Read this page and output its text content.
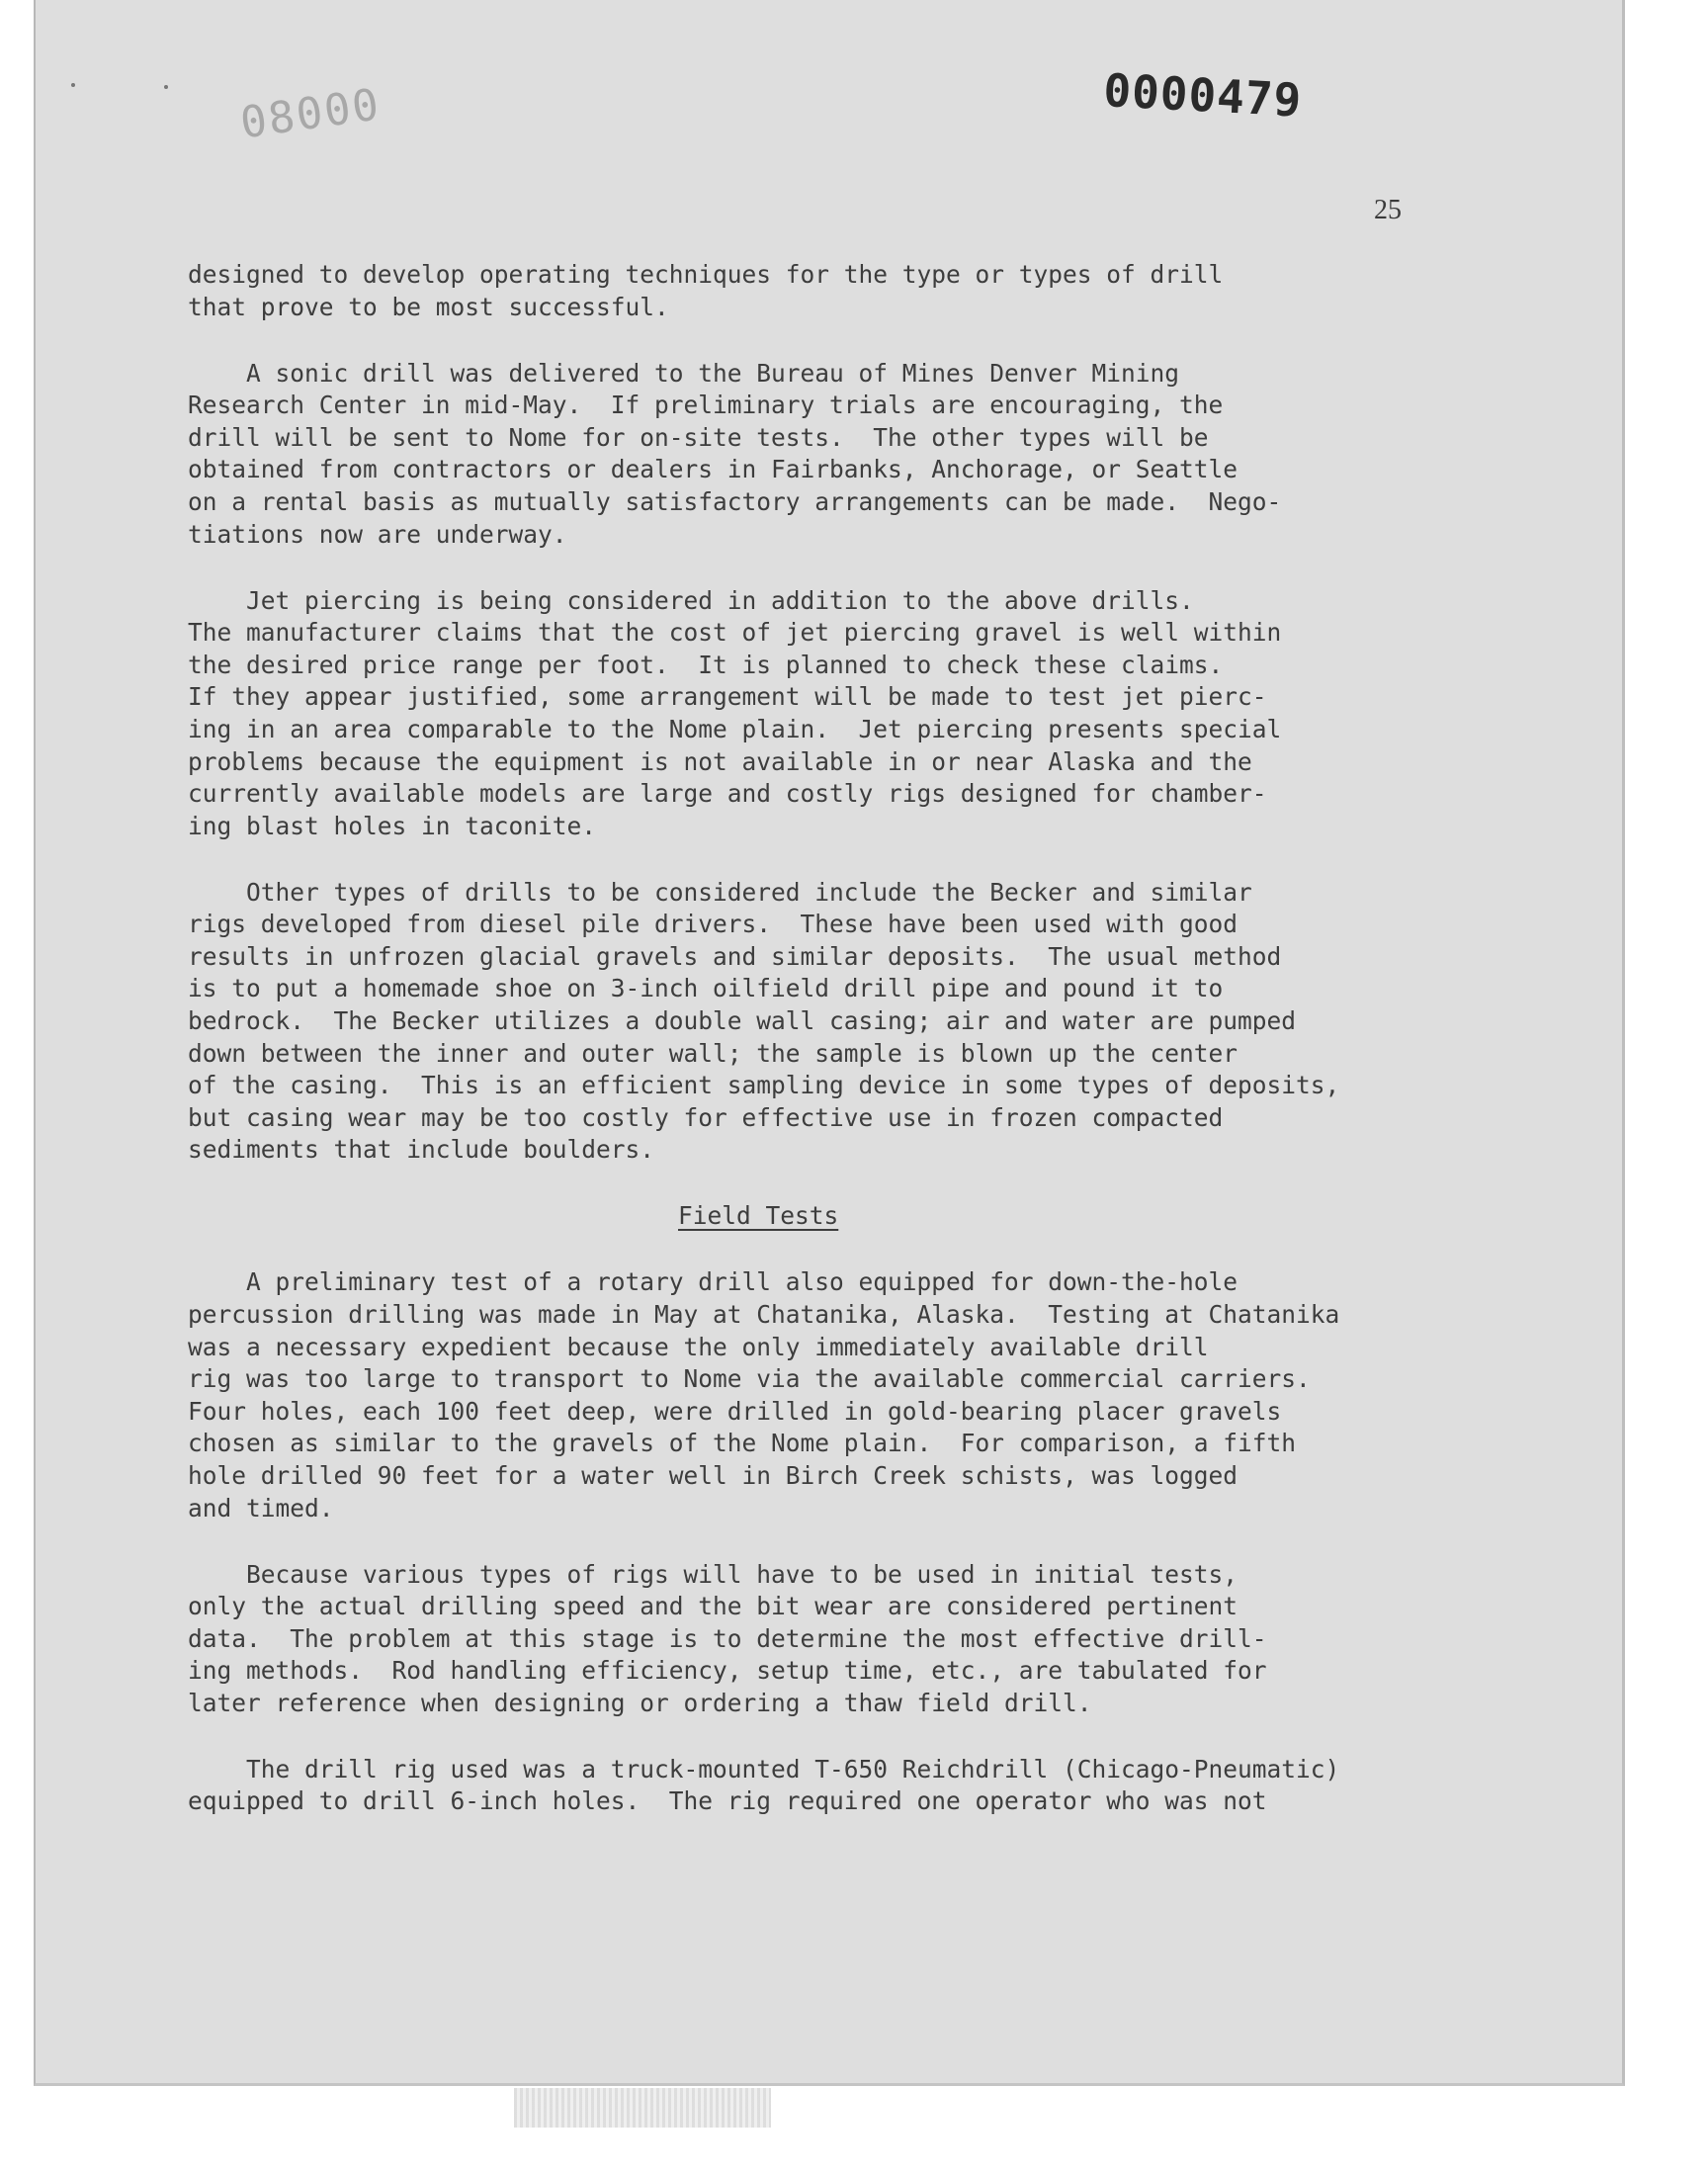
0000479
08000
25
designed to develop operating techniques for the type or types of drill
that prove to be most successful.
A sonic drill was delivered to the Bureau of Mines Denver Mining
Research Center in mid-May.  If preliminary trials are encouraging, the
drill will be sent to Nome for on-site tests.  The other types will be
obtained from contractors or dealers in Fairbanks, Anchorage, or Seattle
on a rental basis as mutually satisfactory arrangements can be made.  Nego-
tiations now are underway.
Jet piercing is being considered in addition to the above drills.
The manufacturer claims that the cost of jet piercing gravel is well within
the desired price range per foot.  It is planned to check these claims.
If they appear justified, some arrangement will be made to test jet pierc-
ing in an area comparable to the Nome plain.  Jet piercing presents special
problems because the equipment is not available in or near Alaska and the
currently available models are large and costly rigs designed for chamber-
ing blast holes in taconite.
Other types of drills to be considered include the Becker and similar
rigs developed from diesel pile drivers.  These have been used with good
results in unfrozen glacial gravels and similar deposits.  The usual method
is to put a homemade shoe on 3-inch oilfield drill pipe and pound it to
bedrock.  The Becker utilizes a double wall casing; air and water are pumped
down between the inner and outer wall; the sample is blown up the center
of the casing.  This is an efficient sampling device in some types of deposits,
but casing wear may be too costly for effective use in frozen compacted
sediments that include boulders.
Field Tests
A preliminary test of a rotary drill also equipped for down-the-hole
percussion drilling was made in May at Chatanika, Alaska.  Testing at Chatanika
was a necessary expedient because the only immediately available drill
rig was too large to transport to Nome via the available commercial carriers.
Four holes, each 100 feet deep, were drilled in gold-bearing placer gravels
chosen as similar to the gravels of the Nome plain.  For comparison, a fifth
hole drilled 90 feet for a water well in Birch Creek schists, was logged
and timed.
Because various types of rigs will have to be used in initial tests,
only the actual drilling speed and the bit wear are considered pertinent
data.  The problem at this stage is to determine the most effective drill-
ing methods.  Rod handling efficiency, setup time, etc., are tabulated for
later reference when designing or ordering a thaw field drill.
The drill rig used was a truck-mounted T-650 Reichdrill (Chicago-Pneumatic)
equipped to drill 6-inch holes.  The rig required one operator who was not
